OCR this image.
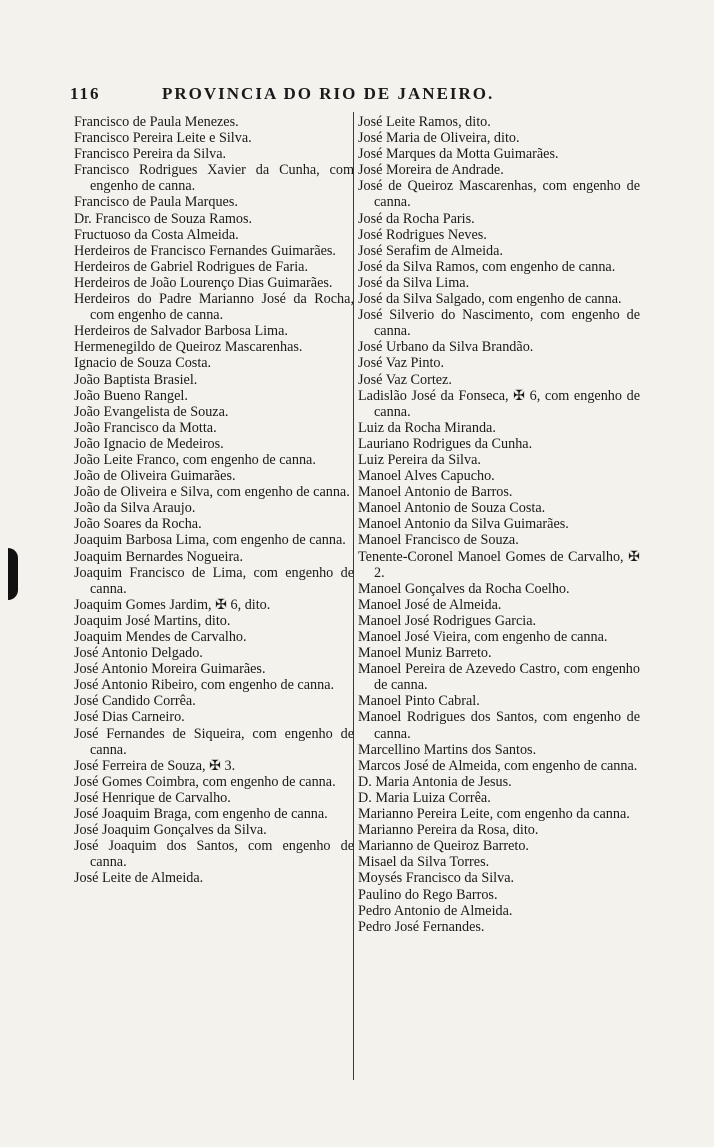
116	PROVINCIA DO RIO DE JANEIRO.
Francisco de Paula Menezes.
Francisco Pereira Leite e Silva.
Francisco Pereira da Silva.
Francisco Rodrigues Xavier da Cunha, com engenho de canna.
Francisco de Paula Marques.
Dr. Francisco de Souza Ramos.
Fructuoso da Costa Almeida.
Herdeiros de Francisco Fernandes Guimarães.
Herdeiros de Gabriel Rodrigues de Faria.
Herdeiros de João Lourenço Dias Guimarães.
Herdeiros do Padre Marianno José da Rocha, com engenho de canna.
Herdeiros de Salvador Barbosa Lima.
Hermenegildo de Queiroz Mascarenhas.
Ignacio de Souza Costa.
João Baptista Brasiel.
João Bueno Rangel.
João Evangelista de Souza.
João Francisco da Motta.
João Ignacio de Medeiros.
João Leite Franco, com engenho de canna.
João de Oliveira Guimarães.
João de Oliveira e Silva, com engenho de canna.
João da Silva Araujo.
João Soares da Rocha.
Joaquim Barbosa Lima, com engenho de canna.
Joaquim Bernardes Nogueira.
Joaquim Francisco de Lima, com engenho de canna.
Joaquim Gomes Jardim, ✠ 6, dito.
Joaquim José Martins, dito.
Joaquim Mendes de Carvalho.
José Antonio Delgado.
José Antonio Moreira Guimarães.
José Antonio Ribeiro, com engenho de canna.
José Candido Corrêa.
José Dias Carneiro.
José Fernandes de Siqueira, com engenho de canna.
José Ferreira de Souza, ✠ 3.
José Gomes Coimbra, com engenho de canna.
José Henrique de Carvalho.
José Joaquim Braga, com engenho de canna.
José Joaquim Gonçalves da Silva.
José Joaquim dos Santos, com engenho de canna.
José Leite de Almeida.
José Leite Ramos, dito.
José Maria de Oliveira, dito.
José Marques da Motta Guimarães.
José Moreira de Andrade.
José de Queiroz Mascarenhas, com engenho de canna.
José da Rocha Paris.
José Rodrigues Neves.
José Serafim de Almeida.
José da Silva Ramos, com engenho de canna.
José da Silva Lima.
José da Silva Salgado, com engenho de canna.
José Silverio do Nascimento, com engenho de canna.
José Urbano da Silva Brandão.
José Vaz Pinto.
José Vaz Cortez.
Ladislão José da Fonseca, ✠ 6, com engenho de canna.
Luiz da Rocha Miranda.
Lauriano Rodrigues da Cunha.
Luiz Pereira da Silva.
Manoel Alves Capucho.
Manoel Antonio de Barros.
Manoel Antonio de Souza Costa.
Manoel Antonio da Silva Guimarães.
Manoel Francisco de Souza.
Tenente-Coronel Manoel Gomes de Carvalho, ✠ 2.
Manoel Gonçalves da Rocha Coelho.
Manoel José de Almeida.
Manoel José Rodrigues Garcia.
Manoel José Vieira, com engenho de canna.
Manoel Muniz Barreto.
Manoel Pereira de Azevedo Castro, com engenho de canna.
Manoel Pinto Cabral.
Manoel Rodrigues dos Santos, com engenho de canna.
Marcellino Martins dos Santos.
Marcos José de Almeida, com engenho de canna.
D. Maria Antonia de Jesus.
D. Maria Luiza Corrêa.
Marianno Pereira Leite, com engenho da canna.
Marianno Pereira da Rosa, dito.
Marianno de Queiroz Barreto.
Misael da Silva Torres.
Moysés Francisco da Silva.
Paulino do Rego Barros.
Pedro Antonio de Almeida.
Pedro José Fernandes.
